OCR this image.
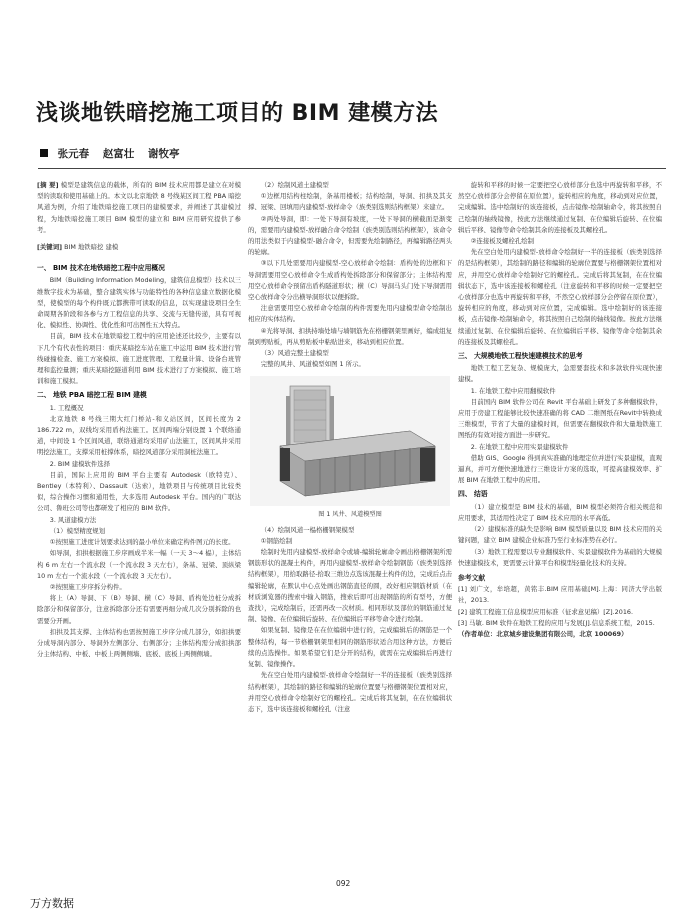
浅谈地铁暗挖施工项目的 BIM 建模方法
张元春 赵富壮 谢牧亭

[摘 要] 模型是建筑信息的载体，所有的 BIM 技术应用都是建立在对模型的读取和使用基础上的。本文以北京地铁 8 号线某区间工程 PBA 暗挖风道为例，介绍了地铁暗挖施工项目的建模要求，并阐述了其建模过程，为地铁暗挖施工项目 BIM 模型的建立和 BIM 应用研究提供了参考。

[关键词] BIM 地铁暗挖 建模

一、 BIM 技术在地铁暗挖工程中应用概况

BIM（Building Information Modeling，建筑信息模型）技术以三维数字技术为基础，整合建筑实体与功能特性的各种信息建立数据化模型，使模型的每个构件既元都携带可读取的信息，以实现建设项目全生命周期各阶段和各参与方工程信息的共享、交流与无缝传递，具有可视化、模拟性、协调性、优化性和可出图性五大特点。

目前，BIM 技术在地铁暗挖工程中的应用论述还比较少，主要有以下几个有代表性的项目：重庆某暗挖车站在施工中运用 BIM 技术进行管线碰撞检查、施工方案模拟、施工进度管理、工程量计算、设备台班管理和监控量测；重庆某暗挖隧道利用 BIM 技术进行了方案模拟、施工培训和施工模拟。

二、 地铁 PBA 暗挖工程 BIM 建模
1. 工程概况

北京地铁 8 号线三期大红门桥站-和义站区间，区间长度为 2 186.722 m，双线均采用盾构法施工。区间两端分别设置 1 个联络通道，中间设 1 个区间风道，联络通道均采用矿山法施工，区间风井采用明挖法施工，支撑采用桩撑体系，暗挖风道部分采用洞桩法施工。

2. BIM 建模软件选择

目前，国际上应用的 BIM 平台主要有 Autodesk（欧特克）、Bentley（本特利）、Dassault（达索），地铁项目与传统项目比较类似，综合操作习惯和通用性，大多选用 Autodesk 平台。国内的广联达公司、鲁班公司等也都研发了相应的 BIM 软件。

3. 风道建模方法
（1）模型精度规划

①按照施工进度计划要求达到的最小单位来确定构件图元的长度。

如导洞，扣拱根据施工步序画成半米一幅（一天 3～4 榀），主体结构 6 m 左右一个流水段（一个流水段 3 天左右），条基、冠梁、顶纵梁 10 m 左右一个流水段（一个流水段 3 天左右）。

②按照施工步序拆分构件。

将上（A）导洞、下（B）导洞、横（C）导洞、盾构处边桩分成拆除部分和保留部分，注意拆除部分还有需要再细分成几次分别拆除的也需要分开画。

扣拱及其支撑、主体结构也需按照施工步序分成几部分，如扣拱要分成导洞内部分、导洞外左侧部分、右侧部分；主体结构需分成扣拱部分主体结构、中板、中板上两侧侧墙、底板、底板上两侧侧墙。

（2）绘制风道土建模型

①边框用结构柱绘制，条基用楼板；结构绘制，导洞、扣拱及其支撑、冠梁、回填用内建模型-放样命令（族类别选则结构框架）来建立。

②两处导洞，即：一处下导洞有坡度，一处下导洞的横截面是渐变的，需要用内建模型-放样融合命令绘制（族类别选则结构框架），该命令的用法类似于内建模型-融合命令，但需要先绘制路径，再编辑路径两头的轮廓。

③以下几处需要用内建模型-空心放样命令绘制：盾构处的边框和下导洞需要用空心放样命令生成盾构处拆除部分和保留部分；主体结构需用空心放样命令预留出盾构隧道形状；横（C）导洞马头门处下导洞需用空心放样命令分出横导洞形状以便拆除。

注意需要用空心放样命令绘制的构件需要先用内建模型命令绘制出相应的实体结构。

④光将导洞、扣拱持墙处墙与墙钢筋先在格栅钢架里画好，编成组复制到剪贴板，再从剪贴板中粘贴进来，移动到相应位置。

（3）风道完整土建模型

完整的风井、风道模型如图 1 所示。

图 1 风井、风道模型图
（4）绘制风道一榀格栅钢架模型

①钢筋绘制

绘制时先用内建模型-放样命令或墙-编辑轮廓命令画出格栅钢架所需钢筋形状的混凝土构件，再用内建模型-放样命令绘制钢筋（族类别选择结构框架），用拾取路径-拾取三维边点选该混凝土构件的边，完成后点击编辑轮廓，在默认中心点处画出钢筋直径的圆，改好相应钢筋材质（在材质浏览器的搜索中输入钢筋，搜索后即可出现钢筋的所有型号，方便查找），完成绘制后，还需再改一次材质。相同形状及部位的钢筋通过复制、镜像、在位编辑后旋转、在位编辑后平移等命令进行绘制。

如果复制、镜像是在在位编辑中进行的，完成编辑后的钢筋是一个整体结构，每一节格栅钢架里相同的钢筋形状适合用这种方法，方便后续的点选操作。如果希望它们是分开的结构，就需在完成编辑后再进行复制、镜像操作。

先在空白处用内建模型-放样命令绘制好一半的连接板（族类别选择结构框架），其绘制的路径和编辑的轮廓位置要与格栅钢架位置相对应，并用空心放样命令绘制好它的螺栓孔。完成后将其复制，在在位编辑状态下，选中该连接板和螺栓孔（注意

旋转和平移的时候一定要把空心放样部分也选中再旋转和平移，不然空心放样部分会停留在原位置），旋转相应的角度，移动到对应位置，完成编辑。选中绘制好的该连接板，点击镜像-绘制轴命令，将其按照自己绘制的轴线镜像，按此方法继续通过复制、在位编辑后旋转、在位编辑后平移、镜像等命令绘制其余的连接板及其螺栓孔。

②连接板及螺栓孔绘制

先在空白处用内建模型-放样命令绘制好一半的连接板（族类别选择的是结构框架），其绘制的路径和编辑的轮廓位置要与格栅钢架位置相对应，并用空心放样命令绘制好它的螺栓孔。完成后将其复制，在在位编辑状态下，选中该连接板和螺栓孔（注意旋转和平移的时候一定要把空心放样部分也选中再旋转和平移，不然空心放样部分会停留在原位置），旋转相应的角度，移动到对应位置，完成编辑。选中绘制好的该连接板，点击镜像-绘制轴命令，将其按照自己绘制的轴线镜像。按此方法继续通过复制、在位编辑后旋转、在位编辑后平移、镜像等命令绘制其余的连接板及其螺栓孔。

三、 大规模地铁工程快速建模技术的思考

地铁工程工艺复杂、规模庞大，急需要套技术和多款软件实现快速建模。

1. 在地铁工程中应用翻模软件

目前国内 BIM 软件公司在 Revit 平台基础上研发了多种翻模软件，应用于房建工程能够比较快速准确的将 CAD 二维图纸在Revit中转换成三维模型，节省了大量的建模时间，但需要在翻模软件和大量地铁施工图纸的有效对接方面进一步研究。

2. 在地铁工程中应用实景建模软件

借助 GIS、Google 得到真实准确的地理定位并进行实景建模，直观逼真，并可方便快速地进行三维设计方案的选取，可提高建模效率、扩展 BIM 在地铁工程中的应用。

四、 结语

（1）建立模型是 BIM 技术的基础，BIM 模型必须符合相关规范和应用要求，其适用性决定了 BIM 技术应用的水平高低。

（2）建模标准的缺失是影响 BIM 模型质量以及 BIM 技术应用的关键问题，建立 BIM 建模企业标准乃至行业标准势在必行。

（3）地铁工程需要以专业翻模软件、实景建模软件为基础的大规模快速建模技术，更需要云计算平台和模型轻量化技术的支持。

参考文献

[1] 刘广文，牟培超，黄铭丰.BIM 应用基础[M].上海：同济大学出版社，2013.

[2] 建筑工程施工信息模型应用标准（征求意见稿）[Z].2016.

[3] 马敏. BIM 软件在地铁工程的应用与发展[J].信息系统工程，2015.

（作者单位：北京城乡建设集团有限公司，北京 100069）

092
万方数据
